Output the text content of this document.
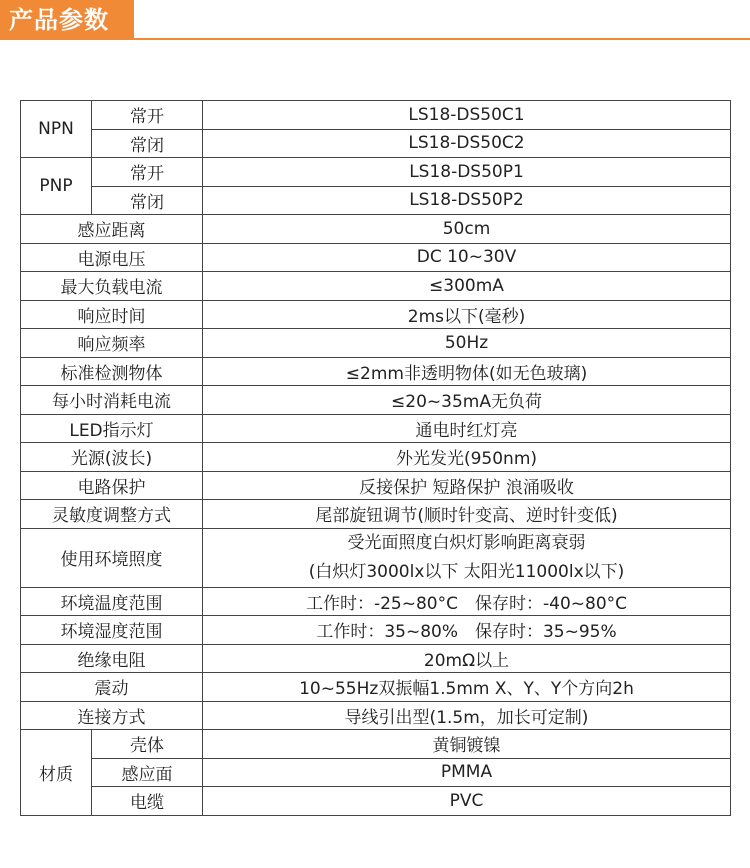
产品参数
NPN	常开	LS18-DS50C1
	常闭	LS18-DS50C2
PNP	常开	LS18-DS50P1
	常闭	LS18-DS50P2
感应距离		50cm
电源电压		DC 10~30V
最大负载电流		≤300mA
响应时间		2ms以下(毫秒)
响应频率		50Hz
标准检测物体		≤2mm非透明物体(如无色玻璃)
每小时消耗电流		≤20~35mA无负荷
LED指示灯		通电时红灯亮
光源(波长)		外光发光(950nm)
电路保护		反接保护 短路保护 浪涌吸收
灵敏度调整方式		尾部旋钮调节(顺时针变高、逆时针变低)
使用环境照度		受光面照度白炽灯影响距离衰弱
(白炽灯3000lx以下 太阳光11000lx以下)

环境温度范围		工作时：-25~80°C　保存时：-40~80°C
环境湿度范围		工作时：35~80%　保存时：35~95%
绝缘电阻		20mΩ以上
震动		10~55Hz双振幅1.5mm X、Y、Y个方向2h
连接方式		导线引出型(1.5m，加长可定制)
材质	壳体	黄铜镀镍
	感应面	PMMA
	电缆	PVC
